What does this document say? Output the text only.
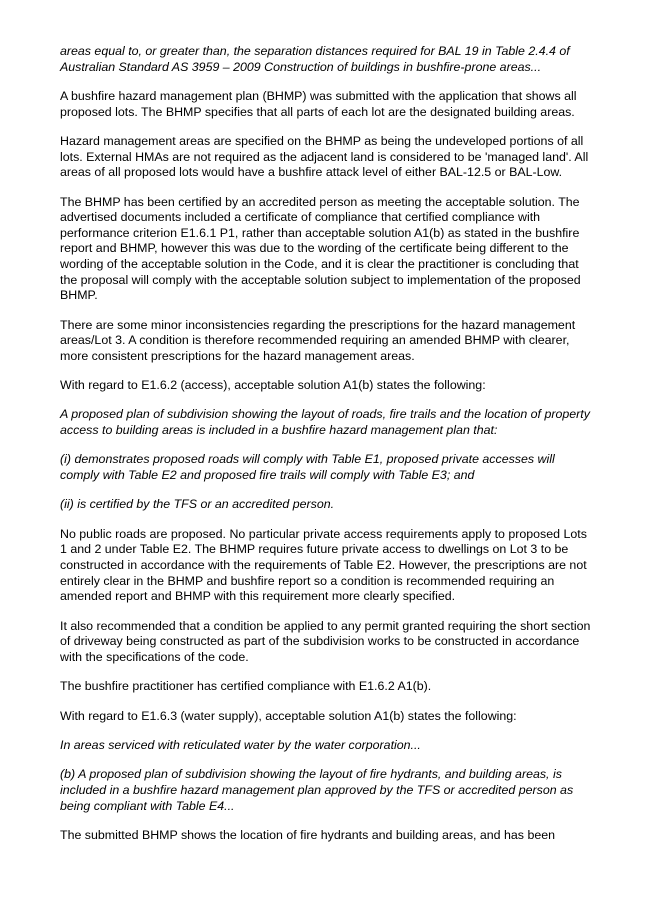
areas equal to, or greater than, the separation distances required for BAL 19 in Table 2.4.4 of Australian Standard AS 3959 – 2009 Construction of buildings in bushfire-prone areas...

A bushfire hazard management plan (BHMP) was submitted with the application that shows all proposed lots. The BHMP specifies that all parts of each lot are the designated building areas.

Hazard management areas are specified on the BHMP as being the undeveloped portions of all lots. External HMAs are not required as the adjacent land is considered to be 'managed land'. All areas of all proposed lots would have a bushfire attack level of either BAL-12.5 or BAL-Low.

The BHMP has been certified by an accredited person as meeting the acceptable solution. The advertised documents included a certificate of compliance that certified compliance with performance criterion E1.6.1 P1, rather than acceptable solution A1(b) as stated in the bushfire report and BHMP, however this was due to the wording of the certificate being different to the wording of the acceptable solution in the Code, and it is clear the practitioner is concluding that the proposal will comply with the acceptable solution subject to implementation of the proposed BHMP.

There are some minor inconsistencies regarding the prescriptions for the hazard management areas/Lot 3. A condition is therefore recommended requiring an amended BHMP with clearer, more consistent prescriptions for the hazard management areas.

With regard to E1.6.2 (access), acceptable solution A1(b) states the following:

A proposed plan of subdivision showing the layout of roads, fire trails and the location of property access to building areas is included in a bushfire hazard management plan that:

(i) demonstrates proposed roads will comply with Table E1, proposed private accesses will comply with Table E2 and proposed fire trails will comply with Table E3; and

(ii) is certified by the TFS or an accredited person.

No public roads are proposed. No particular private access requirements apply to proposed Lots 1 and 2 under Table E2. The BHMP requires future private access to dwellings on Lot 3 to be constructed in accordance with the requirements of Table E2. However, the prescriptions are not entirely clear in the BHMP and bushfire report so a condition is recommended requiring an amended report and BHMP with this requirement more clearly specified.

It also recommended that a condition be applied to any permit granted requiring the short section of driveway being constructed as part of the subdivision works to be constructed in accordance with the specifications of the code.

The bushfire practitioner has certified compliance with E1.6.2 A1(b).

With regard to E1.6.3 (water supply), acceptable solution A1(b) states the following:

In areas serviced with reticulated water by the water corporation...

(b) A proposed plan of subdivision showing the layout of fire hydrants, and building areas, is included in a bushfire hazard management plan approved by the TFS or accredited person as being compliant with Table E4...

The submitted BHMP shows the location of fire hydrants and building areas, and has been
